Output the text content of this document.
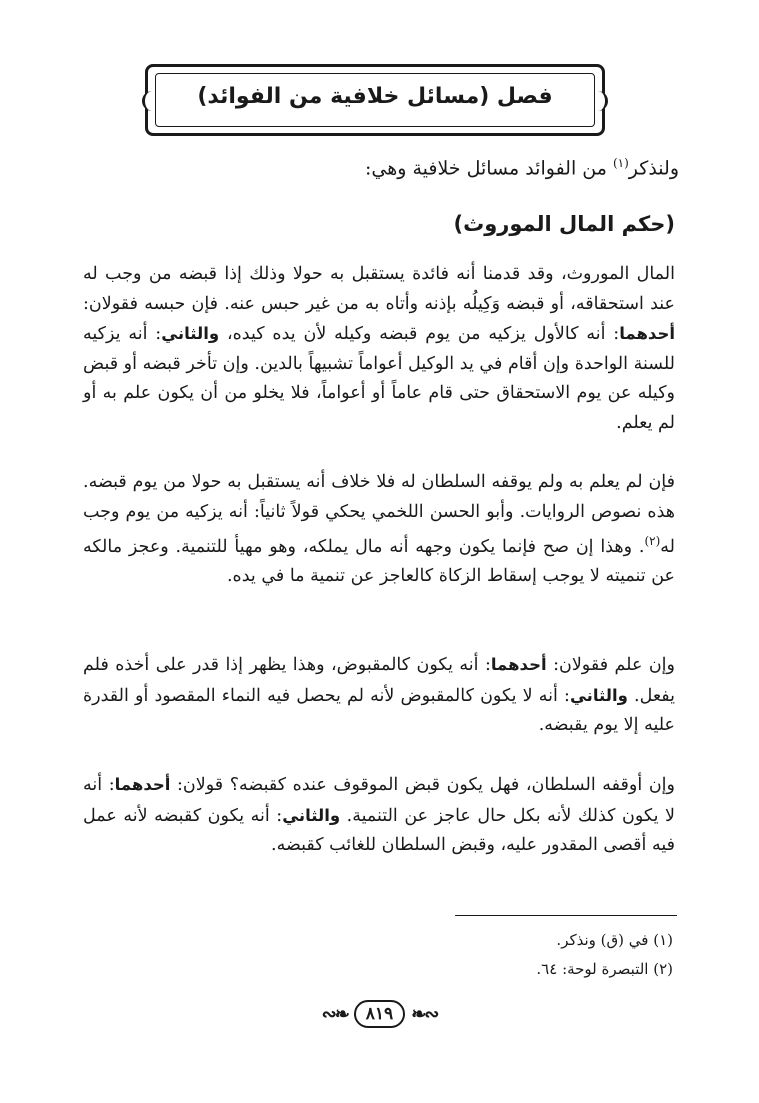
فصل (مسائل خلافية من الفوائد)
ولنذكر$^{(١)}$ من الفوائد مسائل خلافية وهي:
(حكم المال الموروث)
المال الموروث، وقد قدمنا أنه فائدة يستقبل به حولا وذلك إذا قبضه من وجب له عند استحقاقه، أو قبضه وَكِيلُه بإذنه وأتاه به من غير حبس عنه. فإن حبسه فقولان: أحدهما: أنه كالأول يزكيه من يوم قبضه وكيله لأن يده كيده، والثاني: أنه يزكيه للسنة الواحدة وإن أقام في يد الوكيل أعواماً تشبيهاً بالدين. وإن تأخر قبضه أو قبض وكيله عن يوم الاستحقاق حتى قام عاماً أو أعواماً، فلا يخلو من أن يكون علم به أو لم يعلم.
فإن لم يعلم به ولم يوقفه السلطان له فلا خلاف أنه يستقبل به حولا من يوم قبضه. هذه نصوص الروايات. وأبو الحسن اللخمي يحكي قولاً ثانياً: أنه يزكيه من يوم وجب له$^{(٢)}$. وهذا إن صح فإنما يكون وجهه أنه مال يملكه، وهو مهيأ للتنمية. وعجز مالكه عن تنميته لا يوجب إسقاط الزكاة كالعاجز عن تنمية ما في يده.
وإن علم فقولان: أحدهما: أنه يكون كالمقبوض، وهذا يظهر إذا قدر على أخذه فلم يفعل. والثاني: أنه لا يكون كالمقبوض لأنه لم يحصل فيه النماء المقصود أو القدرة عليه إلا يوم يقبضه.
وإن أوقفه السلطان، فهل يكون قبض الموقوف عنده كقبضه؟ قولان: أحدهما: أنه لا يكون كذلك لأنه بكل حال عاجز عن التنمية. والثاني: أنه يكون كقبضه لأنه عمل فيه أقصى المقدور عليه، وقبض السلطان للغائب كقبضه.
(١) في (ق) ونذكر.
(٢) التبصرة لوحة: ٦٤.
∾❧	٨١٩	❧∾
